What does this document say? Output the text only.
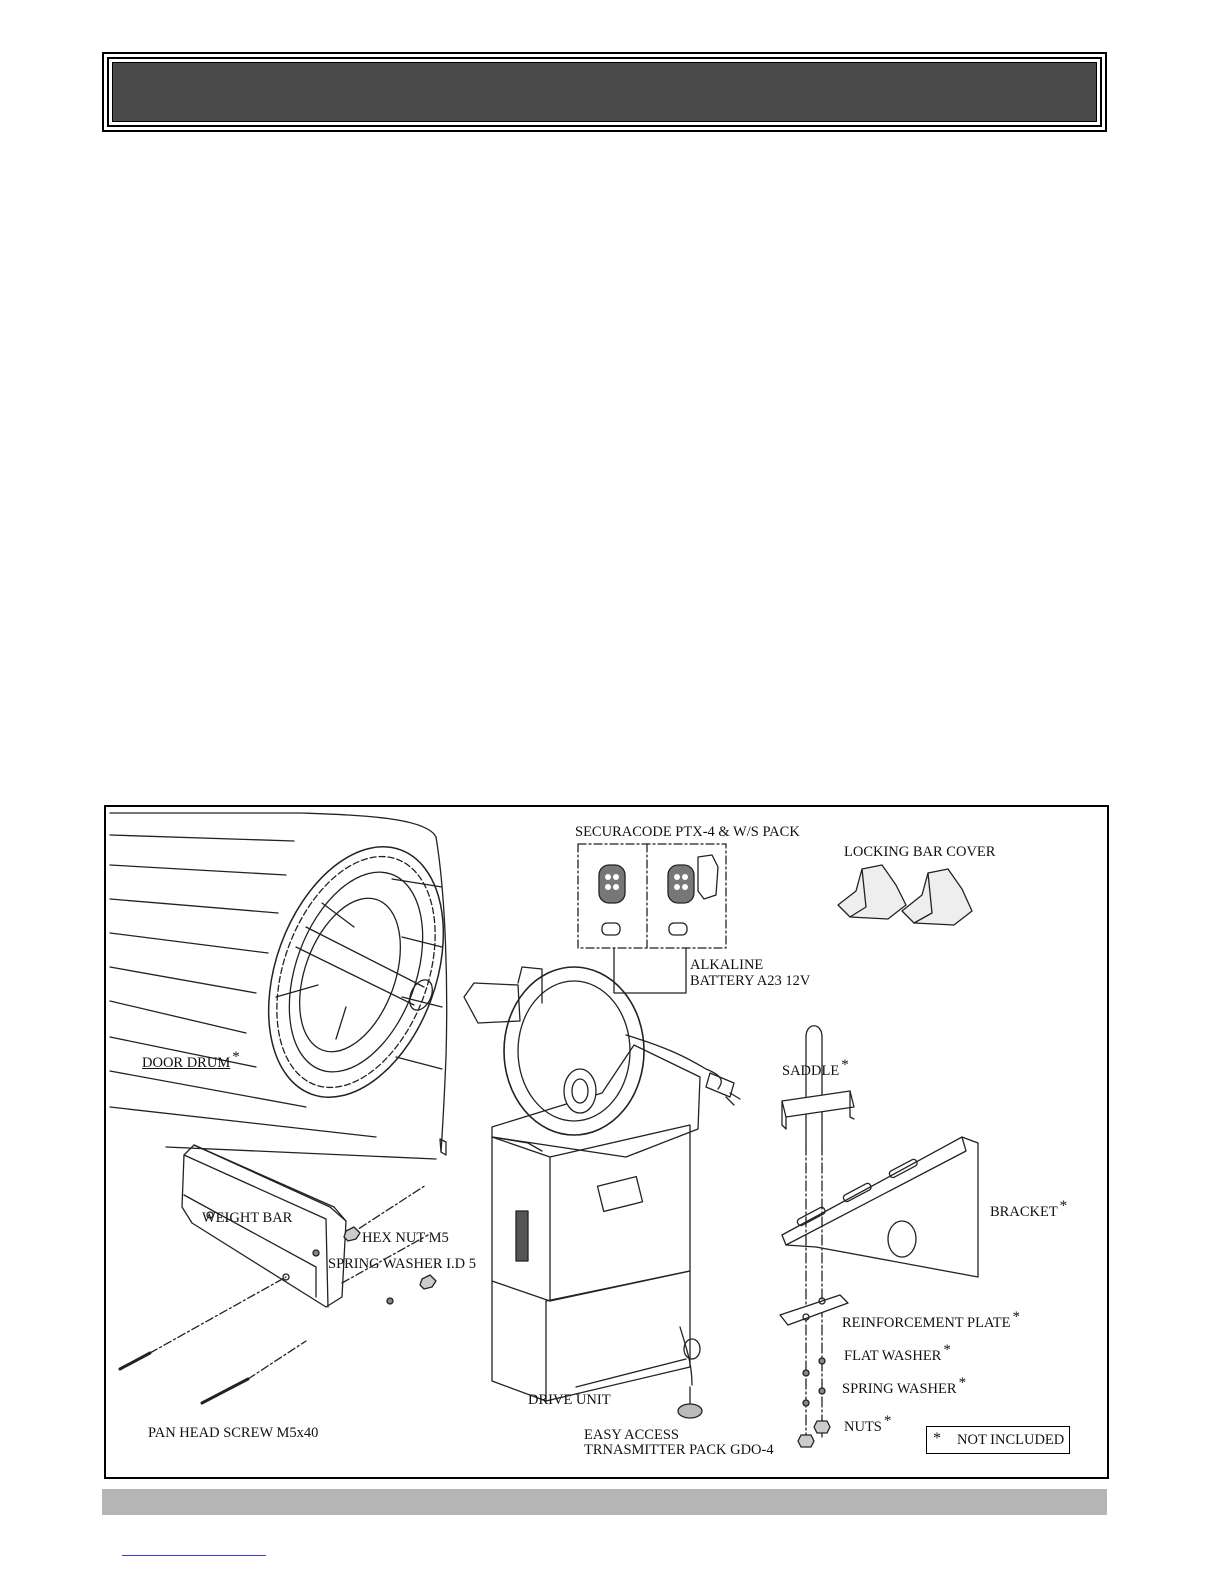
SECURACODE PTX-4 & W/S PACK
LOCKING BAR COVER
ALKALINE
BATTERY A23 12V
DOOR DRUM *
SADDLE *
BRACKET *
WEIGHT BAR
HEX NUT M5
SPRING WASHER I.D 5
REINFORCEMENT PLATE *
FLAT WASHER *
SPRING WASHER *
NUTS *
DRIVE UNIT
EASY ACCESS
TRNASMITTER PACK GDO-4
PAN HEAD SCREW M5x40	* NOT INCLUDED
